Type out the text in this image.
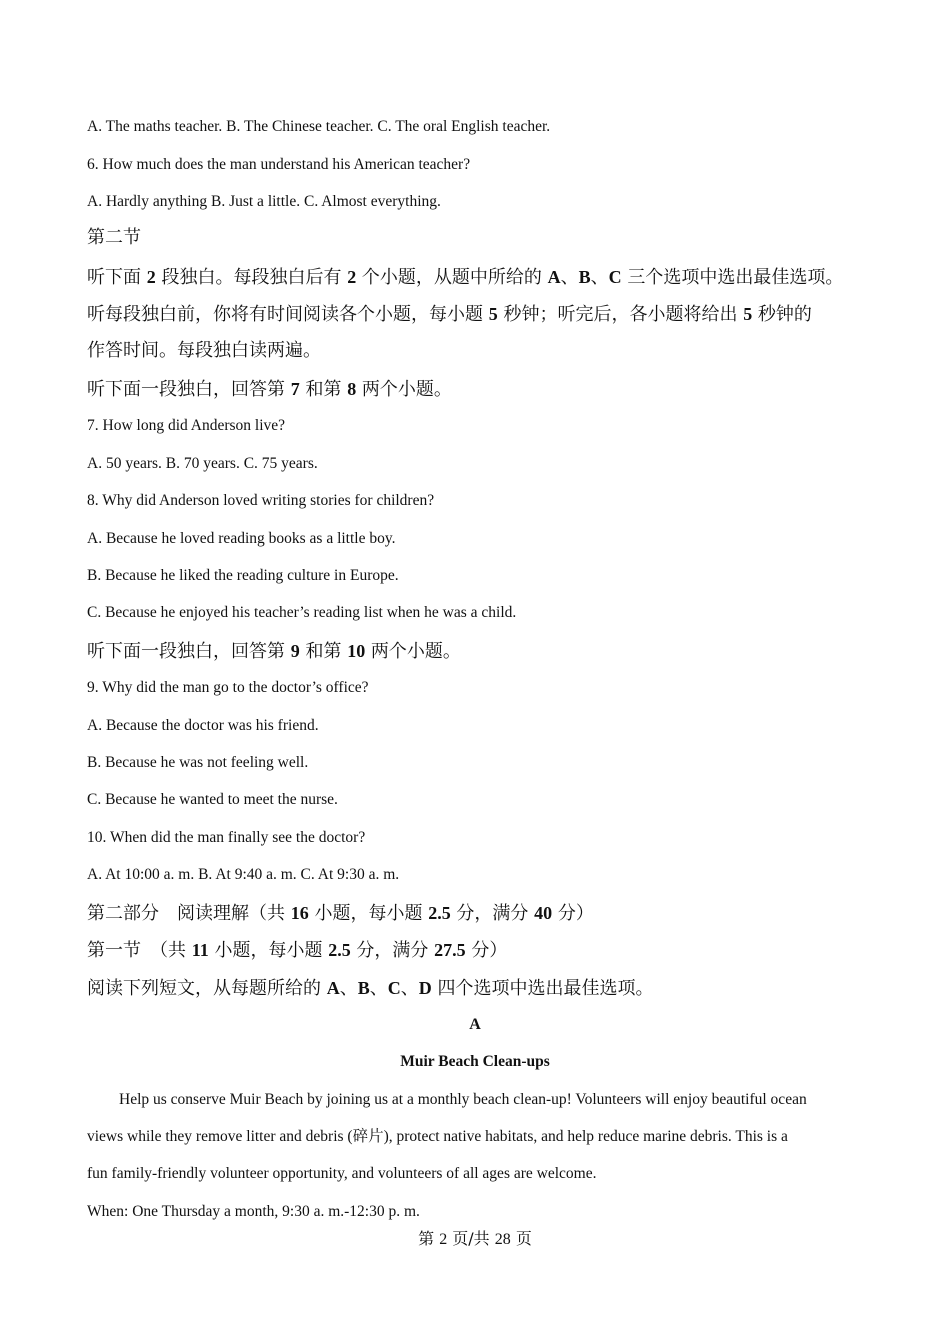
A. The maths teacher. B. The Chinese teacher. C. The oral English teacher.
6. How much does the man understand his American teacher?
A. Hardly anything B. Just a little. C. Almost everything.
第二节
听下面 2 段独白。每段独白后有 2 个小题，从题中所给的 A、B、C 三个选项中选出最佳选项。
听每段独白前，你将有时间阅读各个小题，每小题 5 秒钟；听完后，各小题将给出 5 秒钟的
作答时间。每段独白读两遍。
听下面一段独白，回答第 7 和第 8 两个小题。
7. How long did Anderson live?
A. 50 years. B. 70 years. C. 75 years.
8. Why did Anderson loved writing stories for children?
A. Because he loved reading books as a little boy.
B. Because he liked the reading culture in Europe.
C. Because he enjoyed his teacher’s reading list when he was a child.
听下面一段独白，回答第 9 和第 10 两个小题。
9. Why did the man go to the doctor’s office?
A. Because the doctor was his friend.
B. Because he was not feeling well.
C. Because he wanted to meet the nurse.
10. When did the man finally see the doctor?
A. At 10:00 a. m. B. At 9:40 a. m. C. At 9:30 a. m.
第二部分　阅读理解（共 16 小题，每小题 2.5 分，满分 40 分）
第一节　（共 11 小题，每小题 2.5 分，满分 27.5 分）
阅读下列短文，从每题所给的 A、B、C、D 四个选项中选出最佳选项。
A
Muir Beach Clean-ups
Help us conserve Muir Beach by joining us at a monthly beach clean-up! Volunteers will enjoy beautiful ocean
views while they remove litter and debris (碎片), protect native habitats, and help reduce marine debris. This is a
fun family-friendly volunteer opportunity, and volunteers of all ages are welcome.
When: One Thursday a month, 9:30 a. m.-12:30 p. m.
第 2 页/共 28 页
